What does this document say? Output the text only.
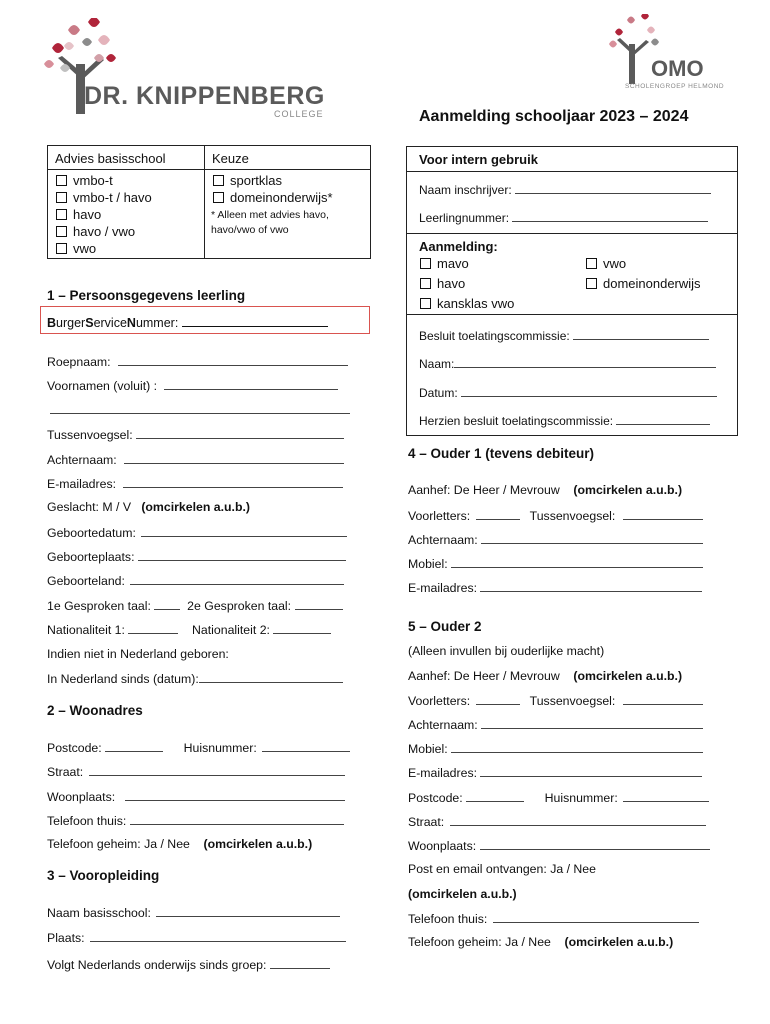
DR. KNIPPENBERG
COLLEGE
OMO
SCHOLENGROEP HELMOND
Aanmelding schooljaar 2023 – 2024
Advies basisschool	Keuze
vmbo-t
vmbo-t / havo
havo
havo / vwo
vwo
sportklas
domeinonderwijs*
* Alleen met advies havo,
havo/vwo of vwo
Voor intern gebruik
Naam inschrijver:
Leerlingnummer:
Aanmelding:
mavo	vwo
havo	domeinonderwijs
kansklas vwo
Besluit toelatingscommissie:
Naam:
Datum:
Herzien besluit toelatingscommissie:
1 – Persoonsgegevens leerling
BurgerServiceNummer:
Roepnaam:
Voornamen (voluit) :
Tussenvoegsel:
Achternaam:
E-mailadres:
Geslacht: M / V (omcirkelen a.u.b.)
Geboortedatum:
Geboorteplaats:
Geboorteland:
1e Gesproken taal:	2e Gesproken taal:
Nationaliteit 1:	Nationaliteit 2:
Indien niet in Nederland geboren:
In Nederland sinds (datum):
2 – Woonadres
Postcode:	Huisnummer:
Straat:
Woonplaats:
Telefoon thuis:
Telefoon geheim: Ja / Nee (omcirkelen a.u.b.)
3 – Vooropleiding
Naam basisschool:
Plaats:
Volgt Nederlands onderwijs sinds groep:
4 – Ouder 1 (tevens debiteur)
Aanhef: De Heer / Mevrouw (omcirkelen a.u.b.)
Voorletters:	Tussenvoegsel:
Achternaam:
Mobiel:
E-mailadres:
5 – Ouder 2
(Alleen invullen bij ouderlijke macht)
Aanhef: De Heer / Mevrouw (omcirkelen a.u.b.)
Voorletters:	Tussenvoegsel:
Achternaam:
Mobiel:
E-mailadres:
Postcode:	Huisnummer:
Straat:
Woonplaats:
Post en email ontvangen: Ja / Nee
(omcirkelen a.u.b.)
Telefoon thuis:
Telefoon geheim: Ja / Nee (omcirkelen a.u.b.)
